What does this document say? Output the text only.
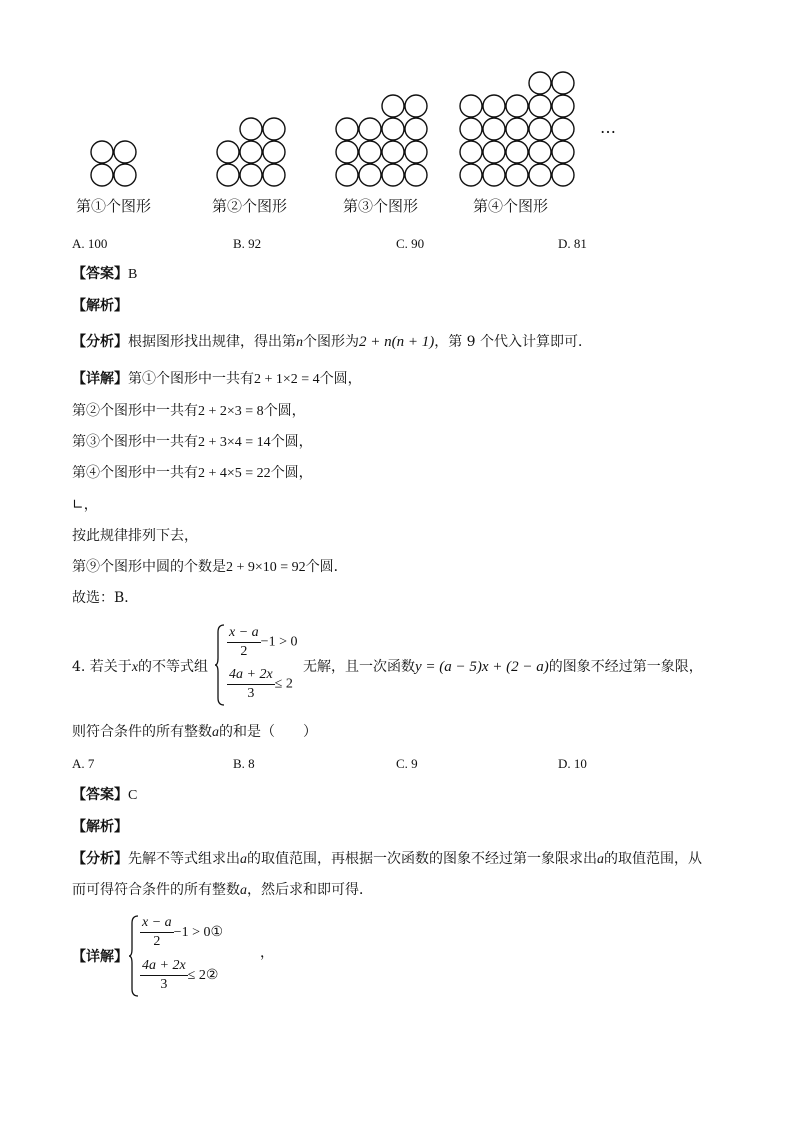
第①个图形	第②个图形	第③个图形	第④个图形
…
A. 100	B. 92	C. 90	D. 81
【答案】B
【解析】
【分析】根据图形找出规律，得出第n个图形为2 + n(n + 1)，第 9 个代入计算即可．
【详解】第①个图形中一共有2 + 1×2 = 4个圆，
第②个图形中一共有2 + 2×3 = 8个圆，
第③个图形中一共有2 + 3×4 = 14个圆，
第④个图形中一共有2 + 4×5 = 22个圆，
∟，
按此规律排列下去，
第⑨个图形中圆的个数是2 + 9×10 = 92个圆．
故选：B．
4. 若关于x的不等式组
$\frac{x - a}{2} -1 > 0$
$\frac{4a + 2x}{3} \le 2$
无解，且一次函数y = (a − 5)x + (2 − a)的图象不经过第一象限，
则符合条件的所有整数a的和是（　　）
A. 7	B. 8	C. 9	D. 10
【答案】C
【解析】
【分析】先解不等式组求出a的取值范围，再根据一次函数的图象不经过第一象限求出a的取值范围，从
而可得符合条件的所有整数a，然后求和即可得．
【详解】
$\frac{x - a}{2} -1$ > 0①
$\frac{4a + 2x}{3}$ ≤ 2②
，
